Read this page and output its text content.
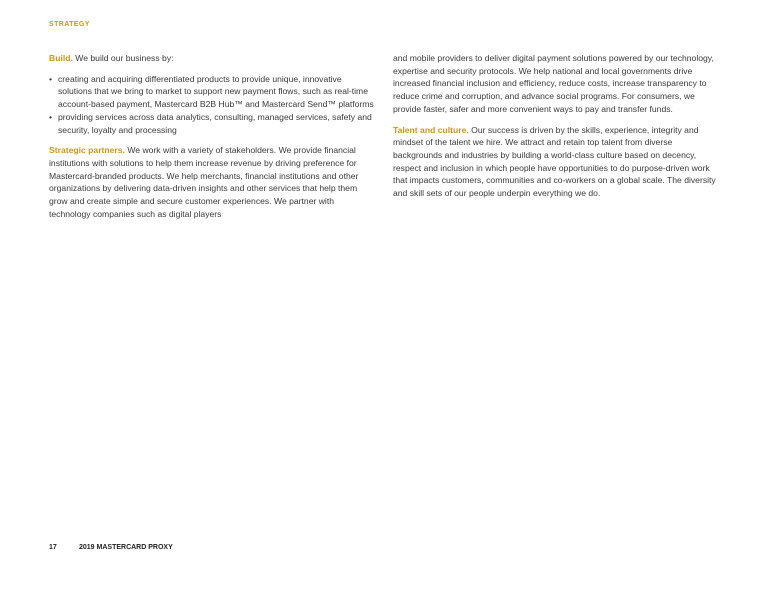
STRATEGY

Build. We build our business by:

• creating and acquiring differentiated products to provide unique, innovative solutions that we bring to market to support new payment flows, such as real-time account-based payment, Mastercard B2B Hub™ and Mastercard Send™ platforms
• providing services across data analytics, consulting, managed services, safety and security, loyalty and processing

Strategic partners. We work with a variety of stakeholders. We provide financial institutions with solutions to help them increase revenue by driving preference for Mastercard-branded products. We help merchants, financial institutions and other organizations by delivering data-driven insights and other services that help them grow and create simple and secure customer experiences. We partner with technology companies such as digital players

and mobile providers to deliver digital payment solutions powered by our technology, expertise and security protocols. We help national and local governments drive increased financial inclusion and efficiency, reduce costs, increase transparency to reduce crime and corruption, and advance social programs. For consumers, we provide faster, safer and more convenient ways to pay and transfer funds.

Talent and culture. Our success is driven by the skills, experience, integrity and mindset of the talent we hire. We attract and retain top talent from diverse backgrounds and industries by building a world-class culture based on decency, respect and inclusion in which people have opportunities to do purpose-driven work that impacts customers, communities and co-workers on a global scale. The diversity and skill sets of our people underpin everything we do.

17	2019 MASTERCARD PROXY
